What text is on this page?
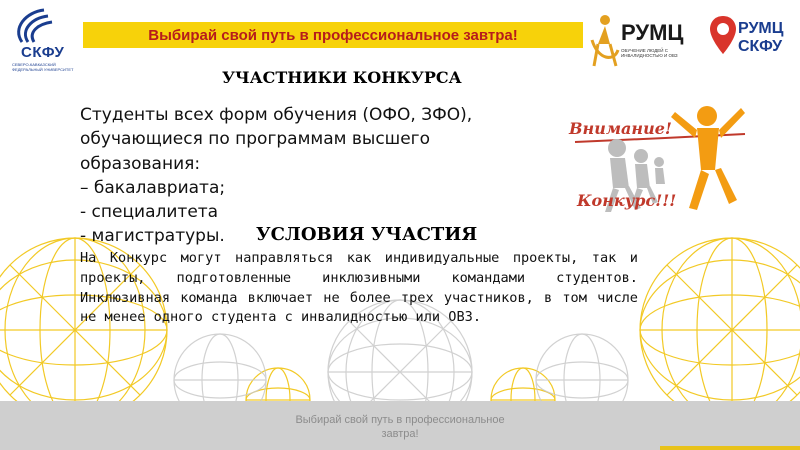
Выбирай свой путь в профессиональное завтра!
СКФУ
СЕВЕРО-КАВКАЗСКИЙ ФЕДЕРАЛЬНЫЙ УНИВЕРСИТЕТ
РУМЦ
ОБУЧЕНИЕ ЛЮДЕЙ С ИНВАЛИДНОСТЬЮ И ОВЗ
РУМЦ
СКФУ
УЧАСТНИКИ КОНКУРСА
Студенты всех форм обучения (ОФО, ЗФО),
обучающиеся по программам высшего
образования:
– бакалавриата;
- специалитета
- магистратуры.	УСЛОВИЯ УЧАСТИЯ
На Конкурс могут направляться как индивидуальные проекты, так и проекты, подготовленные инклюзивными командами студентов. Инклюзивная команда включает не более трех участников, в том числе не менее одного студента с инвалидностью или ОВЗ.
Внимание!
Конкурс!!!
Выбирай свой путь в профессиональное
завтра!
